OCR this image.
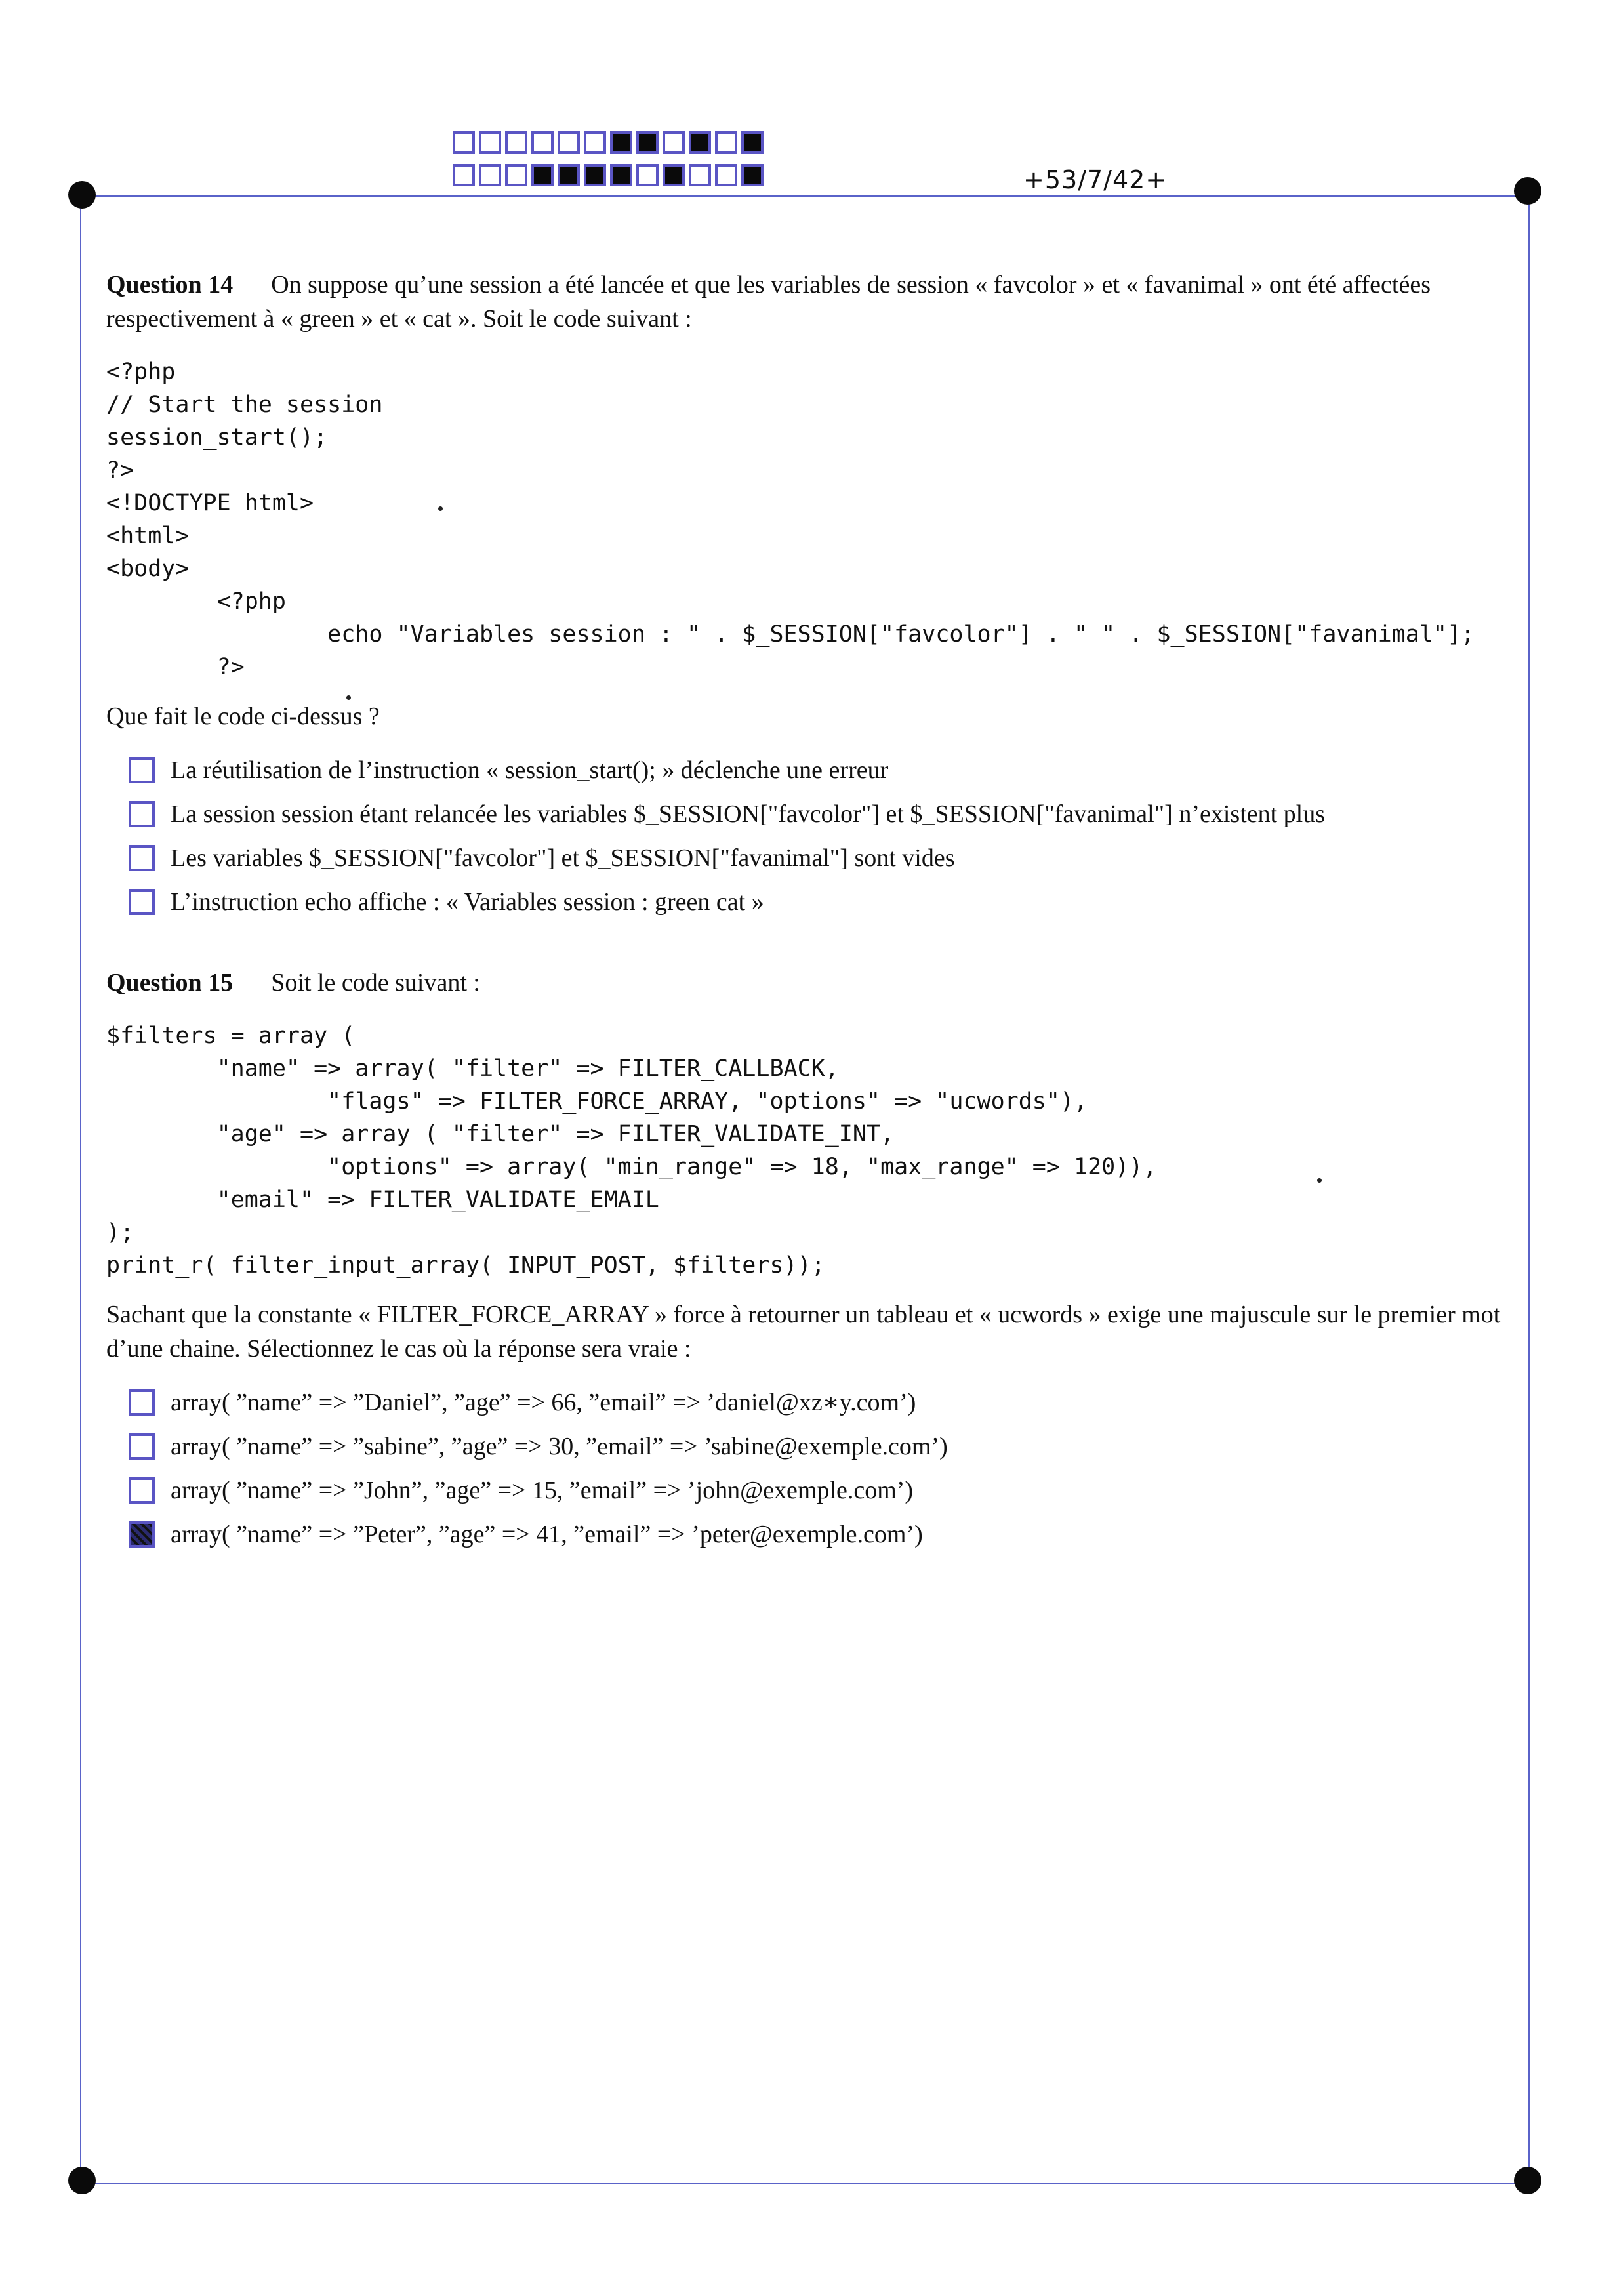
+53/7/42+

Question 14 On suppose qu’une session a été lancée et que les variables de session « favcolor » et « favanimal » ont été affectées respectivement à « green » et « cat ». Soit le code suivant :

<?php
// Start the session
session_start();
?>
<!DOCTYPE html>
<html>
<body>
<?php
echo "Variables session : " . $_SESSION["favcolor"] . " " . $_SESSION["favanimal"];
?>

Que fait le code ci-dessus ?

La réutilisation de l’instruction « session_start(); » déclenche une erreur
La session session étant relancée les variables $_SESSION["favcolor"] et $_SESSION["favanimal"] n’existent plus
Les variables $_SESSION["favcolor"] et $_SESSION["favanimal"] sont vides
L’instruction echo affiche : « Variables session : green cat »

Question 15 Soit le code suivant :

$filters = array (
"name" => array( "filter" => FILTER_CALLBACK,
"flags" => FILTER_FORCE_ARRAY, "options" => "ucwords"),
"age" => array ( "filter" => FILTER_VALIDATE_INT,
"options" => array( "min_range" => 18, "max_range" => 120)),
"email" => FILTER_VALIDATE_EMAIL
);
print_r( filter_input_array( INPUT_POST, $filters));

Sachant que la constante « FILTER_FORCE_ARRAY » force à retourner un tableau et « ucwords » exige une majuscule sur le premier mot d’une chaine. Sélectionnez le cas où la réponse sera vraie :

array( ”name” => ”Daniel”, ”age” => 66, ”email” => ’daniel@xz∗y.com’)
array( ”name” => ”sabine”, ”age” => 30, ”email” => ’sabine@exemple.com’)
array( ”name” => ”John”, ”age” => 15, ”email” => ’john@exemple.com’)
array( ”name” => ”Peter”, ”age” => 41, ”email” => ’peter@exemple.com’)
